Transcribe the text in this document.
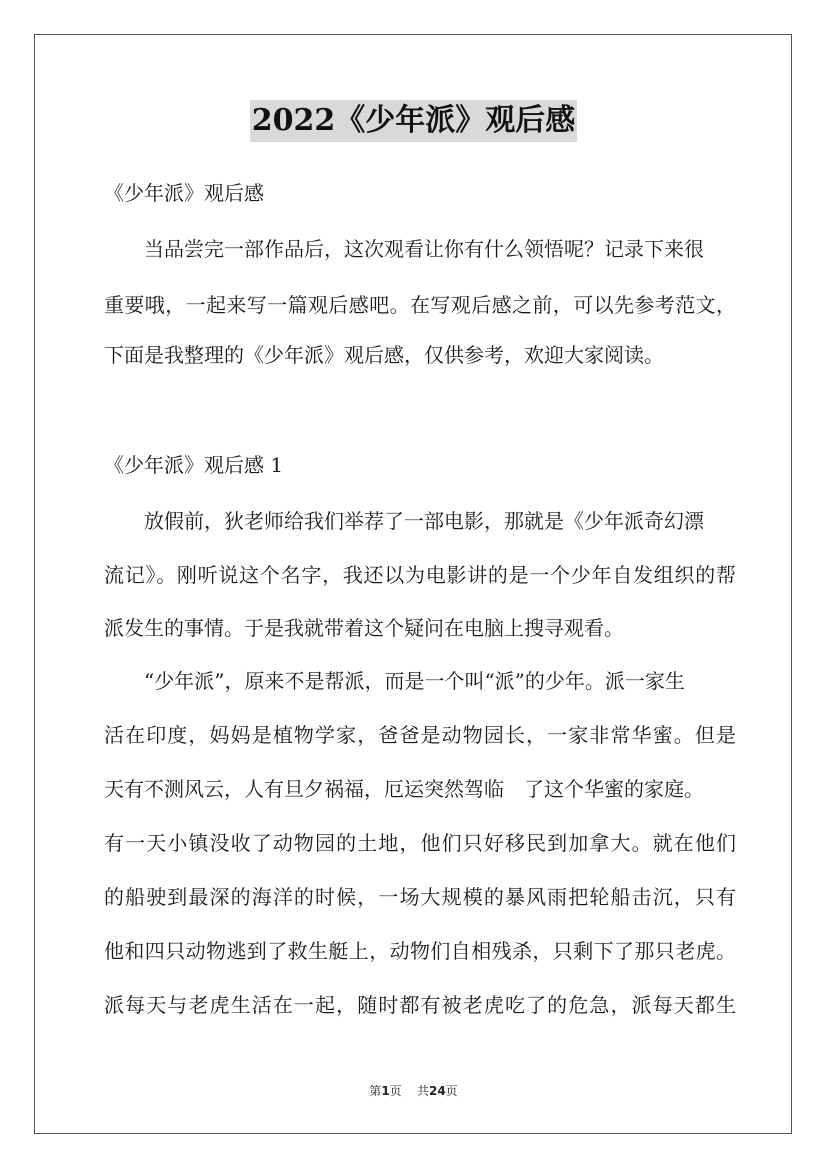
2022《少年派》观后感
《少年派》观后感
当品尝完一部作品后，这次观看让你有什么领悟呢？记录下来很
重要哦，一起来写一篇观后感吧。在写观后感之前，可以先参考范文，
下面是我整理的《少年派》观后感，仅供参考，欢迎大家阅读。
《少年派》观后感 1
放假前，狄老师给我们举荐了一部电影，那就是《少年派奇幻漂
流记》。刚听说这个名字，我还以为电影讲的是一个少年自发组织的帮
派发生的事情。于是我就带着这个疑问在电脑上搜寻观看。
“少年派”，原来不是帮派，而是一个叫“派”的少年。派一家生
活在印度，妈妈是植物学家，爸爸是动物园长，一家非常华蜜。但是
天有不测风云，人有旦夕祸福，厄运突然驾临　了这个华蜜的家庭。
有一天小镇没收了动物园的土地，他们只好移民到加拿大。就在他们
的船驶到最深的海洋的时候，一场大规模的暴风雨把轮船击沉，只有
他和四只动物逃到了救生艇上，动物们自相残杀，只剩下了那只老虎。
派每天与老虎生活在一起，随时都有被老虎吃了的危急，派每天都生
第1页 共24页
